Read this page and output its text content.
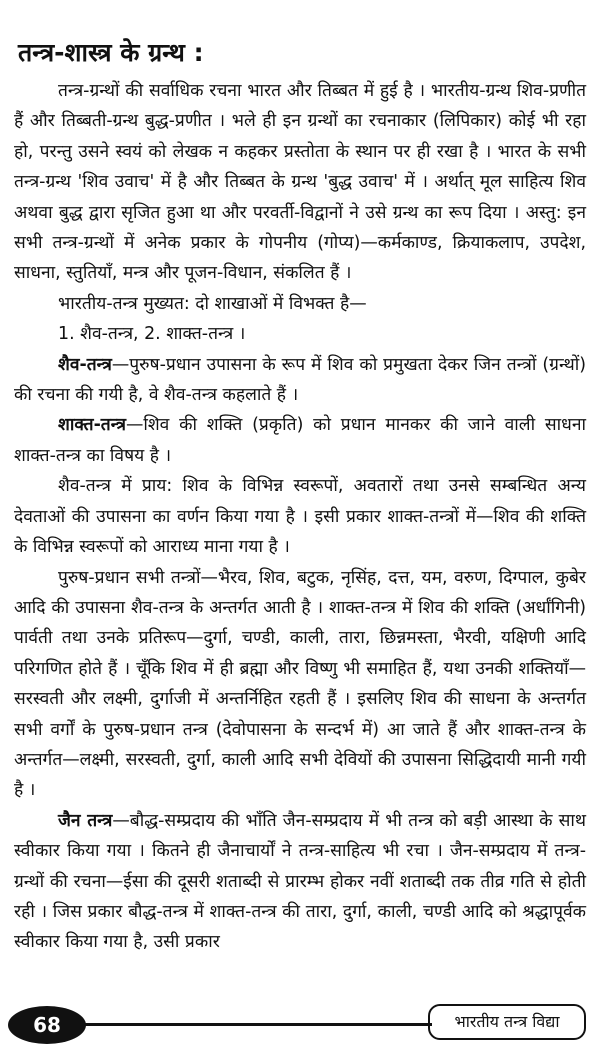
तन्त्र-शास्त्र के ग्रन्थ :

तन्त्र-ग्रन्थों की सर्वाधिक रचना भारत और तिब्बत में हुई है । भारतीय-ग्रन्थ शिव-प्रणीत हैं और तिब्बती-ग्रन्थ बुद्ध-प्रणीत । भले ही इन ग्रन्थों का रचनाकार (लिपिकार) कोई भी रहा हो, परन्तु उसने स्वयं को लेखक न कहकर प्रस्तोता के स्थान पर ही रखा है । भारत के सभी तन्त्र-ग्रन्थ 'शिव उवाच' में है और तिब्बत के ग्रन्थ 'बुद्ध उवाच' में । अर्थात् मूल साहित्य शिव अथवा बुद्ध द्वारा सृजित हुआ था और परवर्ती-विद्वानों ने उसे ग्रन्थ का रूप दिया । अस्तु: इन सभी तन्त्र-ग्रन्थों में अनेक प्रकार के गोपनीय (गोप्य)—कर्मकाण्ड, क्रियाकलाप, उपदेश, साधना, स्तुतियाँ, मन्त्र और पूजन-विधान, संकलित हैं ।

भारतीय-तन्त्र मुख्यत: दो शाखाओं में विभक्त है—

1. शैव-तन्त्र, 2. शाक्त-तन्त्र ।

शैव-तन्त्र—पुरुष-प्रधान उपासना के रूप में शिव को प्रमुखता देकर जिन तन्त्रों (ग्रन्थों) की रचना की गयी है, वे शैव-तन्त्र कहलाते हैं ।

शाक्त-तन्त्र—शिव की शक्ति (प्रकृति) को प्रधान मानकर की जाने वाली साधना शाक्त-तन्त्र का विषय है ।

शैव-तन्त्र में प्राय: शिव के विभिन्न स्वरूपों, अवतारों तथा उनसे सम्बन्धित अन्य देवताओं की उपासना का वर्णन किया गया है । इसी प्रकार शाक्त-तन्त्रों में—शिव की शक्ति के विभिन्न स्वरूपों को आराध्य माना गया है ।

पुरुष-प्रधान सभी तन्त्रों—भैरव, शिव, बटुक, नृसिंह, दत्त, यम, वरुण, दिग्पाल, कुबेर आदि की उपासना शैव-तन्त्र के अन्तर्गत आती है । शाक्त-तन्त्र में शिव की शक्ति (अर्धांगिनी) पार्वती तथा उनके प्रतिरूप—दुर्गा, चण्डी, काली, तारा, छिन्नमस्ता, भैरवी, यक्षिणी आदि परिगणित होते हैं । चूँकि शिव में ही ब्रह्मा और विष्णु भी समाहित हैं, यथा उनकी शक्तियाँ—सरस्वती और लक्ष्मी, दुर्गाजी में अन्तर्निहित रहती हैं । इसलिए शिव की साधना के अन्तर्गत सभी वर्गों के पुरुष-प्रधान तन्त्र (देवोपासना के सन्दर्भ में) आ जाते हैं और शाक्त-तन्त्र के अन्तर्गत—लक्ष्मी, सरस्वती, दुर्गा, काली आदि सभी देवियों की उपासना सिद्धिदायी मानी गयी है ।

जैन तन्त्र—बौद्ध-सम्प्रदाय की भाँति जैन-सम्प्रदाय में भी तन्त्र को बड़ी आस्था के साथ स्वीकार किया गया । कितने ही जैनाचार्यों ने तन्त्र-साहित्य भी रचा । जैन-सम्प्रदाय में तन्त्र-ग्रन्थों की रचना—ईसा की दूसरी शताब्दी से प्रारम्भ होकर नवीं शताब्दी तक तीव्र गति से होती रही । जिस प्रकार बौद्ध-तन्त्र में शाक्त-तन्त्र की तारा, दुर्गा, काली, चण्डी आदि को श्रद्धापूर्वक स्वीकार किया गया है, उसी प्रकार

68	भारतीय तन्त्र विद्या
